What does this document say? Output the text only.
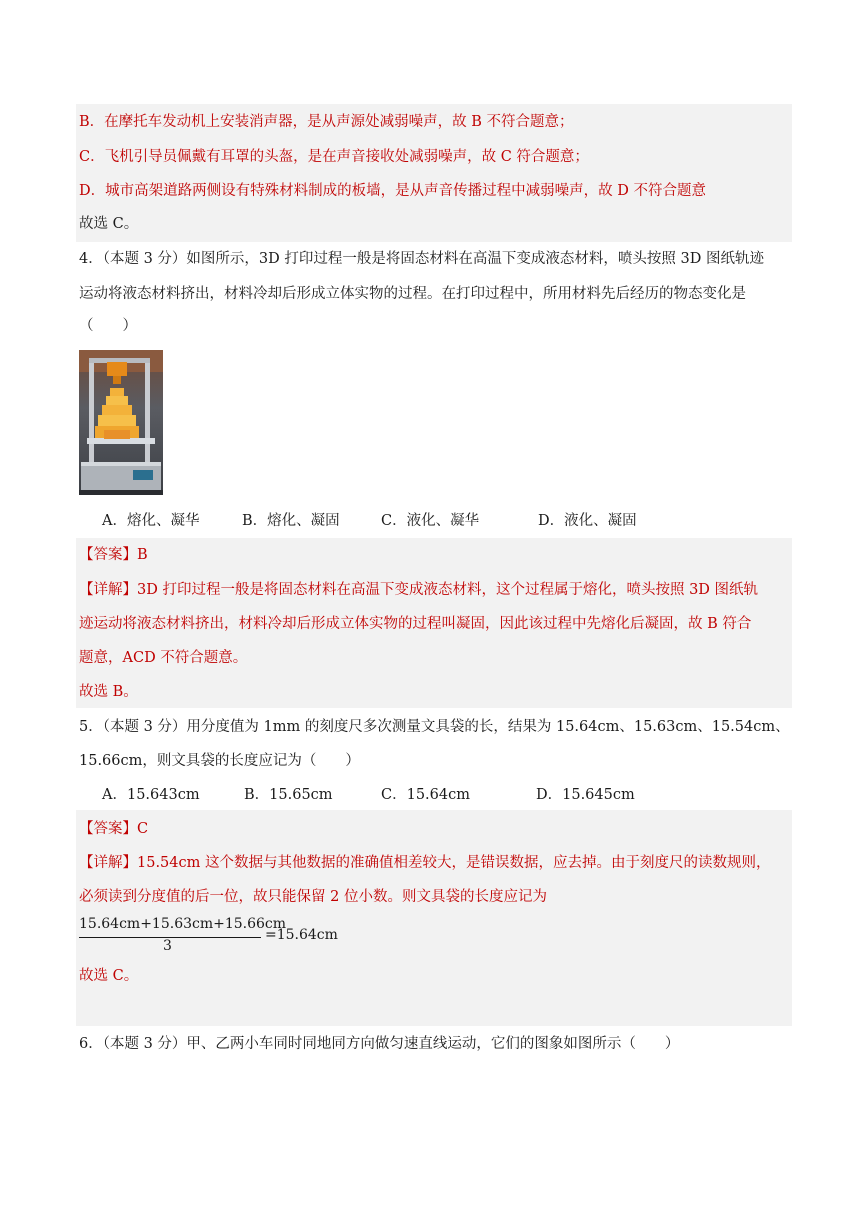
B．在摩托车发动机上安装消声器，是从声源处减弱噪声，故 B 不符合题意；
C．飞机引导员佩戴有耳罩的头盔，是在声音接收处减弱噪声，故 C 符合题意；
D．城市高架道路两侧设有特殊材料制成的板墙，是从声音传播过程中减弱噪声，故 D 不符合题意
故选 C。
4．（本题 3 分）如图所示，3D 打印过程一般是将固态材料在高温下变成液态材料，喷头按照 3D 图纸轨迹
运动将液态材料挤出，材料冷却后形成立体实物的过程。在打印过程中，所用材料先后经历的物态变化是
（　　）
A．熔化、凝华	B．熔化、凝固	C．液化、凝华	D．液化、凝固
【答案】B
【详解】3D 打印过程一般是将固态材料在高温下变成液态材料，这个过程属于熔化，喷头按照 3D 图纸轨
迹运动将液态材料挤出，材料冷却后形成立体实物的过程叫凝固，因此该过程中先熔化后凝固，故 B 符合
题意，ACD 不符合题意。
故选 B。
5．（本题 3 分）用分度值为 1mm 的刻度尺多次测量文具袋的长，结果为 15.64cm、15.63cm、15.54cm、
15.66cm，则文具袋的长度应记为（　　）
A．15.643cm	B．15.65cm	C．15.64cm	D．15.645cm
【答案】C
【详解】15.54cm 这个数据与其他数据的准确值相差较大，是错误数据，应去掉。由于刻度尺的读数规则，
必须读到分度值的后一位，故只能保留 2 位小数。则文具袋的长度应记为
15.64cm+15.63cm+15.66cm
3
=15.64cm
故选 C。
6．（本题 3 分）甲、乙两小车同时同地同方向做匀速直线运动，它们的图象如图所示（　　）
